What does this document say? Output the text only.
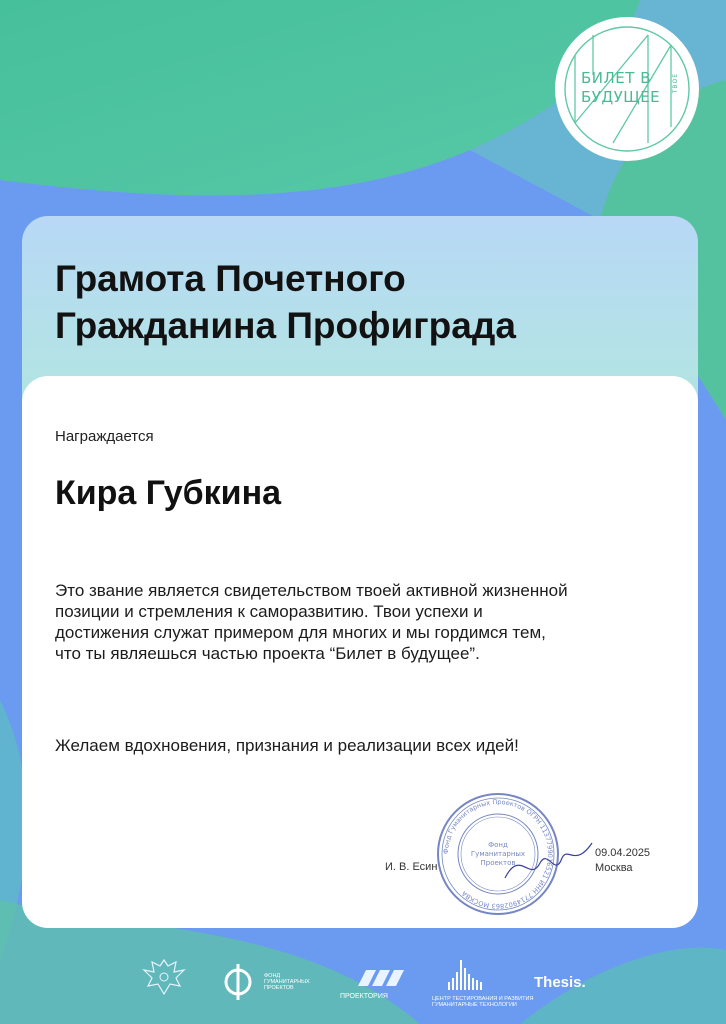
БИЛЕТ В
БУДУЩЕЕ
ТВОЕ
Грамота Почетного
Гражданина Профиграда
Награждается
Кира Губкина

Это звание является свидетельством твоей активной жизненной позиции и стремления к саморазвитию. Твои успехи и достижения служат примером для многих и мы гордимся тем, что ты являешься частью проекта “Билет в будущее”.

Желаем вдохновения, признания и реализации всех идей!

Фонд Гуманитарных Проектов ОГРН 1137799016521 ИНН 7714902863 МОСКВА
Фонд
Гуманитарных
Проектов
И. В. Есин
09.04.2025
Москва
ФОНД
ГУМАНИТАРНЫХ
ПРОЕКТОВ
ПРОЕКТОРИЯ	ЦЕНТР ТЕСТИРОВАНИЯ И РАЗВИТИЯ
ГУМАНИТАРНЫЕ ТЕХНОЛОГИИ
Thesis.
